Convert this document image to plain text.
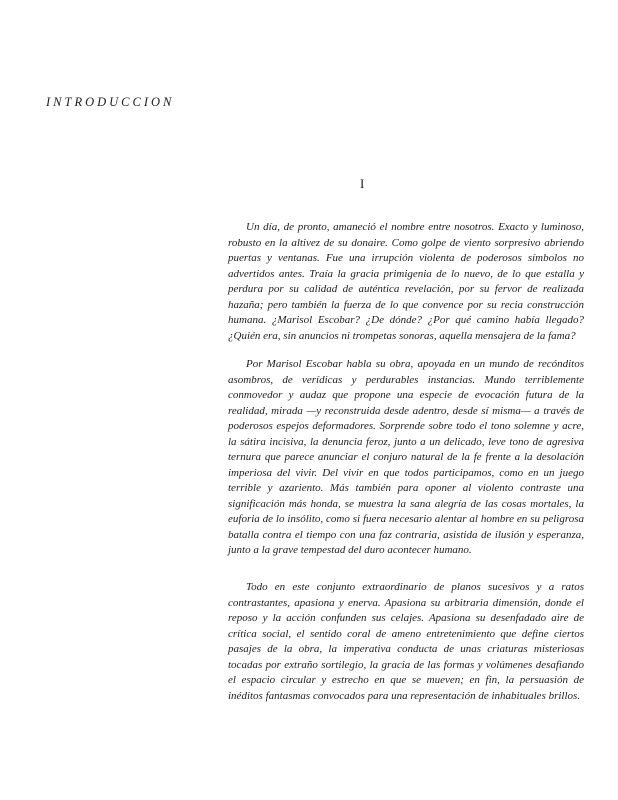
INTRODUCCION
I

Un día, de pronto, amaneció el nombre entre nosotros. Exacto y luminoso, robusto en la altivez de su donaire. Como golpe de viento sorpresivo abriendo puertas y ventanas. Fue una irrupción violenta de poderosos símbolos no advertidos antes. Traía la gracia primigenia de lo nuevo, de lo que estalla y perdura por su calidad de auténtica revelación, por su fervor de realizada hazaña; pero también la fuerza de lo que convence por su recia construcción humana. ¿Marisol Escobar? ¿De dónde? ¿Por qué camino había llegado? ¿Quién era, sin anuncios ni trompetas sonoras, aquella mensajera de la fama?

Por Marisol Escobar habla su obra, apoyada en un mundo de recónditos asombros, de verídicas y perdurables instancias. Mundo terriblemente conmovedor y audaz que propone una especie de evocación futura de la realidad, mirada —y reconstruida desde adentro, desde sí misma— a través de poderosos espejos deformadores. Sorprende sobre todo el tono solemne y acre, la sátira incisiva, la denuncia feroz, junto a un delicado, leve tono de agresiva ternura que parece anunciar el conjuro natural de la fe frente a la desolación imperiosa del vivir. Del vivir en que todos participamos, como en un juego terrible y azariento. Más también para oponer al violento contraste una significación más honda, se muestra la sana alegría de las cosas mortales, la euforia de lo insólito, como si fuera necesario alentar al hombre en su peligrosa batalla contra el tiempo con una faz contraria, asistida de ilusión y esperanza, junto a la grave tempestad del duro acontecer humano.

Todo en este conjunto extraordinario de planos sucesivos y a ratos contrastantes, apasiona y enerva. Apasiona su arbitraria dimensión, donde el reposo y la acción confunden sus celajes. Apasiona su desenfadado aire de crítica social, el sentido coral de ameno entretenimiento que define ciertos pasajes de la obra, la imperativa conducta de unas criaturas misteriosas tocadas por extraño sortilegio, la gracia de las formas y volúmenes desafiando el espacio circular y estrecho en que se mueven; en fin, la persuasión de inéditos fantasmas convocados para una representación de inhabituales brillos.
